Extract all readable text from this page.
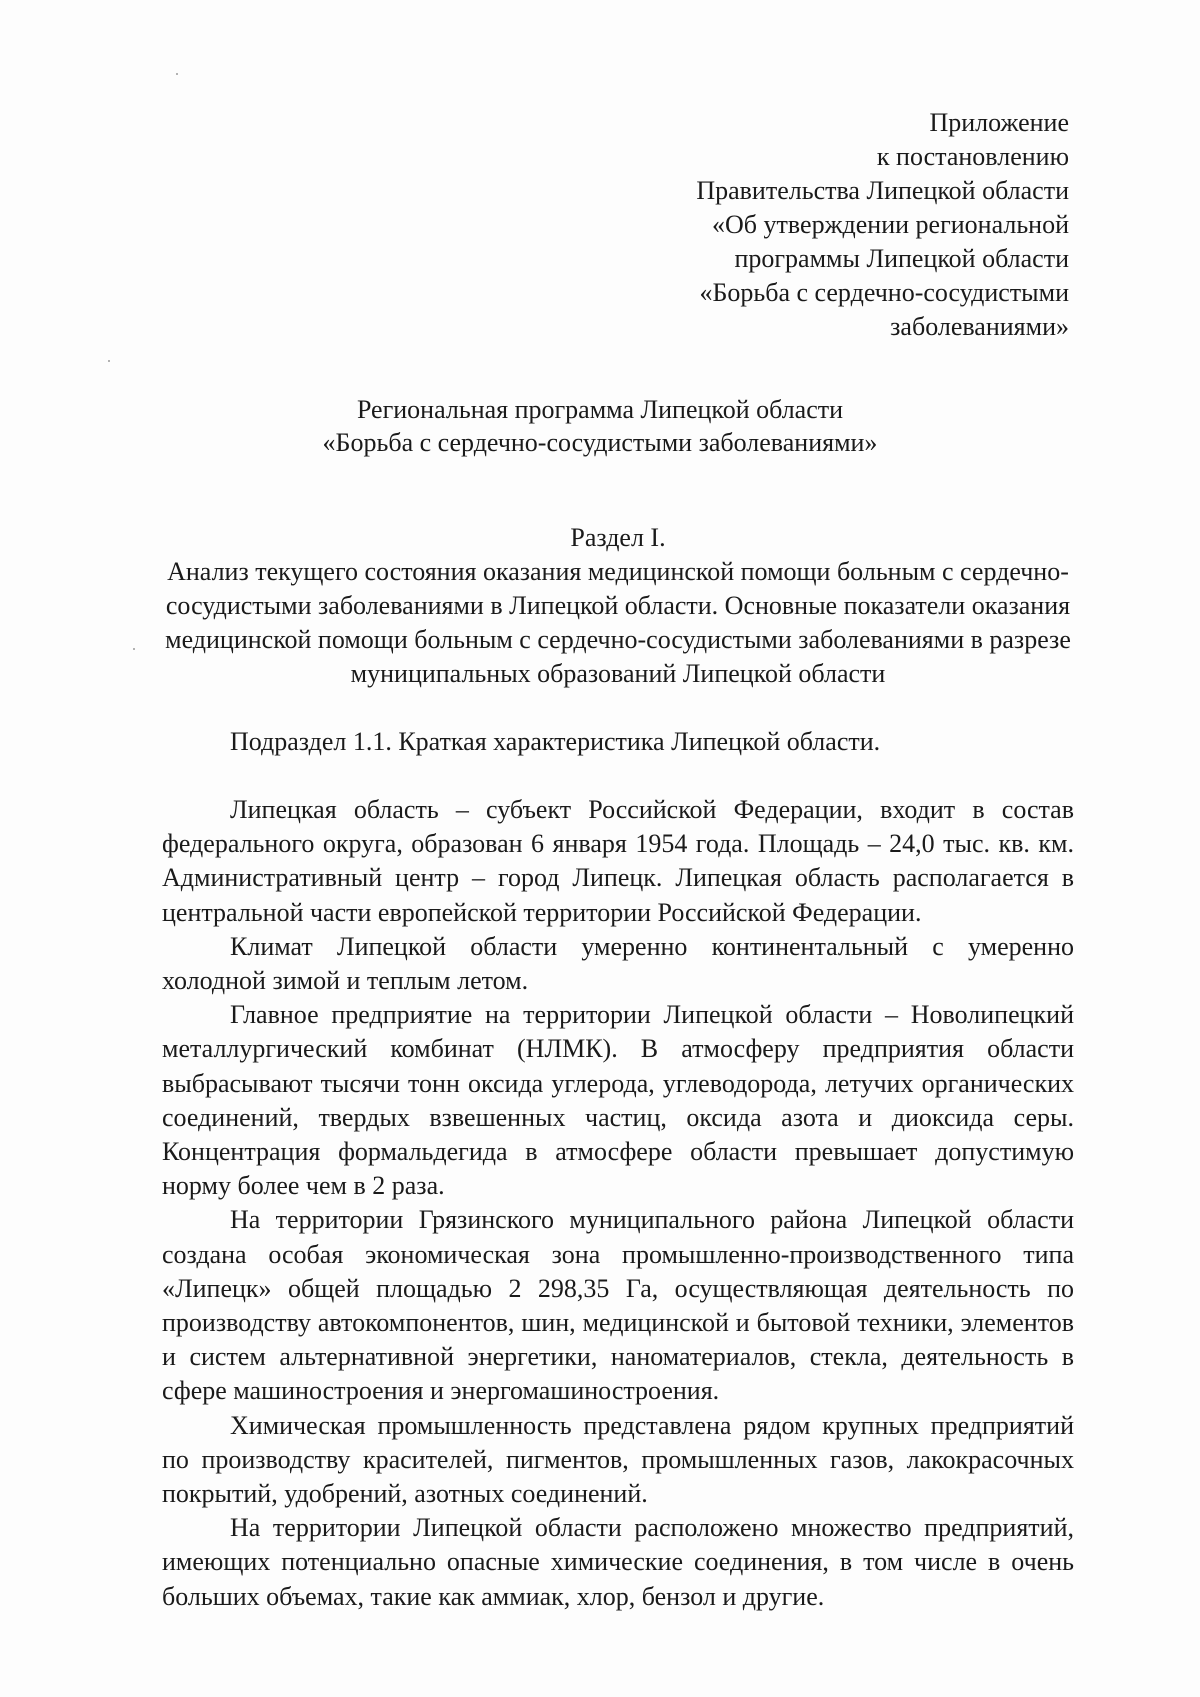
Приложение
к постановлению
Правительства Липецкой области
«Об утверждении региональной
программы Липецкой области
«Борьба с сердечно-сосудистыми
заболеваниями»
Региональная программа Липецкой области
«Борьба с сердечно-сосудистыми заболеваниями»
Раздел I.
Анализ текущего состояния оказания медицинской помощи больным с сердечно-
сосудистыми заболеваниями в Липецкой области. Основные показатели оказания
медицинской помощи больным с сердечно-сосудистыми заболеваниями в разрезе
муниципальных образований Липецкой области
Подраздел 1.1. Краткая характеристика Липецкой области.

Липецкая область – субъект Российской Федерации, входит в состав федерального округа, образован 6 января 1954 года. Площадь – 24,0 тыс. кв. км. Административный центр – город Липецк. Липецкая область располагается в центральной части европейской территории Российской Федерации.

Климат Липецкой области умеренно континентальный с умеренно холодной зимой и теплым летом.

Главное предприятие на территории Липецкой области – Новолипецкий металлургический комбинат (НЛМК). В атмосферу предприятия области выбрасывают тысячи тонн оксида углерода, углеводорода, летучих органических соединений, твердых взвешенных частиц, оксида азота и диоксида серы. Концентрация формальдегида в атмосфере области превышает допустимую норму более чем в 2 раза.

На территории Грязинского муниципального района Липецкой области создана особая экономическая зона промышленно-производственного типа «Липецк» общей площадью 2 298,35 Га, осуществляющая деятельность по производству автокомпонентов, шин, медицинской и бытовой техники, элементов и систем альтернативной энергетики, наноматериалов, стекла, деятельность в сфере машиностроения и энергомашиностроения.

Химическая промышленность представлена рядом крупных предприятий по производству красителей, пигментов, промышленных газов, лакокрасочных покрытий, удобрений, азотных соединений.

На территории Липецкой области расположено множество предприятий, имеющих потенциально опасные химические соединения, в том числе в очень больших объемах, такие как аммиак, хлор, бензол и другие.
